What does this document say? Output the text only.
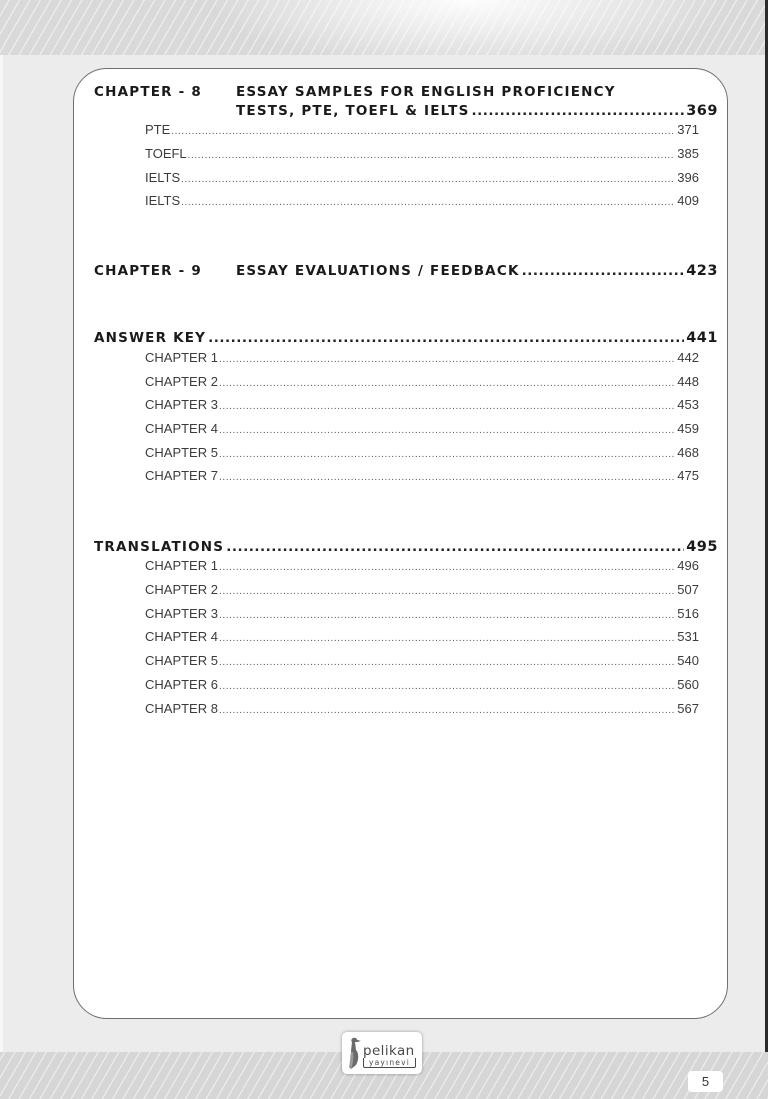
CHAPTER - 8	ESSAY SAMPLES FOR ENGLISH PROFICIENCY
TESTS, PTE, TOEFL & IELTS .....	369
PTE .....	371
TOEFL .....	385
IELTS .....	396
IELTS .....	409
CHAPTER - 9	ESSAY EVALUATIONS / FEEDBACK .....	423
ANSWER KEY .....	441
CHAPTER 1 .....	442
CHAPTER 2 .....	448
CHAPTER 3 .....	453
CHAPTER 4 .....	459
CHAPTER 5 .....	468
CHAPTER 7 .....	475
TRANSLATIONS .....	495
CHAPTER 1 .....	496
CHAPTER 2 .....	507
CHAPTER 3 .....	516
CHAPTER 4 .....	531
CHAPTER 5 .....	540
CHAPTER 6 .....	560
CHAPTER 8 .....	567
pelikan
yayınevi
5
